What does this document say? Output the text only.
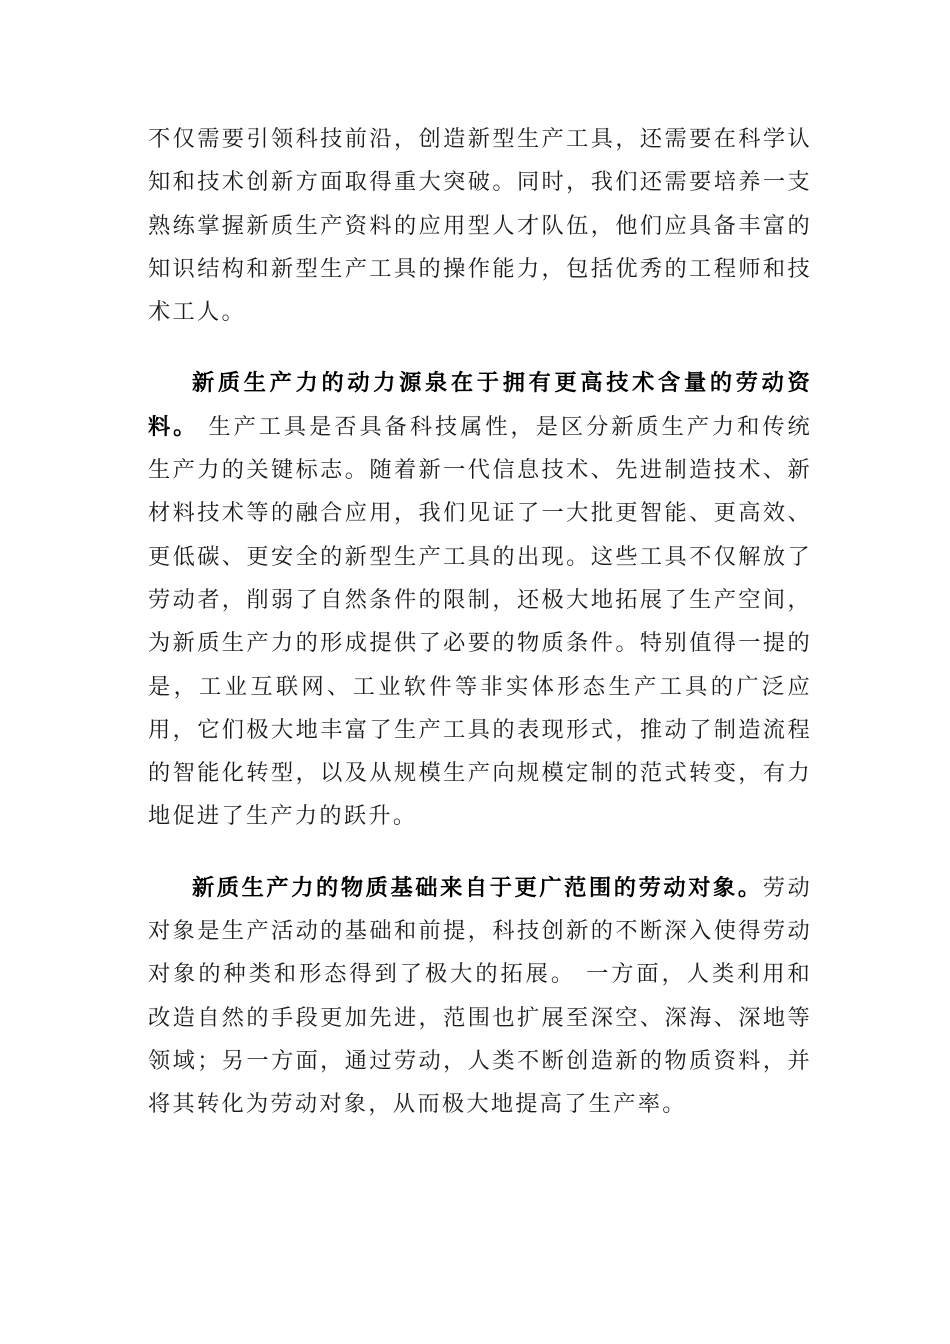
不仅需要引领科技前沿，创造新型生产工具，还需要在科学认知和技术创新方面取得重大突破。同时，我们还需要培养一支熟练掌握新质生产资料的应用型人才队伍，他们应具备丰富的知识结构和新型生产工具的操作能力，包括优秀的工程师和技术工人。

新质生产力的动力源泉在于拥有更高技术含量的劳动资料。 生产工具是否具备科技属性，是区分新质生产力和传统生产力的关键标志。随着新一代信息技术、先进制造技术、新材料技术等的融合应用，我们见证了一大批更智能、更高效、更低碳、更安全的新型生产工具的出现。这些工具不仅解放了劳动者，削弱了自然条件的限制，还极大地拓展了生产空间，为新质生产力的形成提供了必要的物质条件。特别值得一提的是，工业互联网、工业软件等非实体形态生产工具的广泛应用，它们极大地丰富了生产工具的表现形式，推动了制造流程的智能化转型，以及从规模生产向规模定制的范式转变，有力地促进了生产力的跃升。

新质生产力的物质基础来自于更广范围的劳动对象。劳动对象是生产活动的基础和前提，科技创新的不断深入使得劳动对象的种类和形态得到了极大的拓展。 一方面，人类利用和改造自然的手段更加先进，范围也扩展至深空、深海、深地等领域；另一方面，通过劳动，人类不断创造新的物质资料，并将其转化为劳动对象，从而极大地提高了生产率。
